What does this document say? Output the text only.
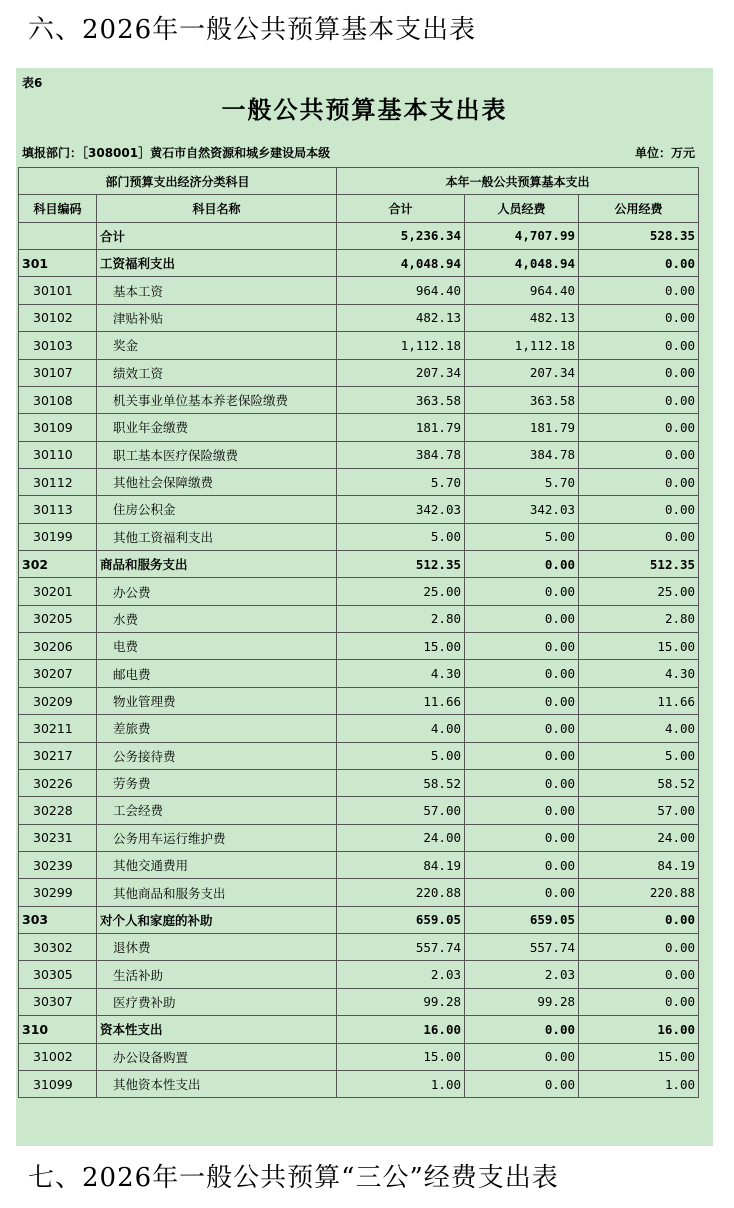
六、2026年一般公共预算基本支出表
表6
一般公共预算基本支出表
填报部门：［308001］黄石市自然资源和城乡建设局本级	单位：万元
部门预算支出经济分类科目		本年一般公共预算基本支出		
科目编码	科目名称	合计	人员经费	公用经费
	合计	5,236.34	4,707.99	528.35
301	工资福利支出	4,048.94	4,048.94	0.00
30101	基本工资	964.40	964.40	0.00
30102	津贴补贴	482.13	482.13	0.00
30103	奖金	1,112.18	1,112.18	0.00
30107	绩效工资	207.34	207.34	0.00
30108	机关事业单位基本养老保险缴费	363.58	363.58	0.00
30109	职业年金缴费	181.79	181.79	0.00
30110	职工基本医疗保险缴费	384.78	384.78	0.00
30112	其他社会保障缴费	5.70	5.70	0.00
30113	住房公积金	342.03	342.03	0.00
30199	其他工资福利支出	5.00	5.00	0.00
302	商品和服务支出	512.35	0.00	512.35
30201	办公费	25.00	0.00	25.00
30205	水费	2.80	0.00	2.80
30206	电费	15.00	0.00	15.00
30207	邮电费	4.30	0.00	4.30
30209	物业管理费	11.66	0.00	11.66
30211	差旅费	4.00	0.00	4.00
30217	公务接待费	5.00	0.00	5.00
30226	劳务费	58.52	0.00	58.52
30228	工会经费	57.00	0.00	57.00
30231	公务用车运行维护费	24.00	0.00	24.00
30239	其他交通费用	84.19	0.00	84.19
30299	其他商品和服务支出	220.88	0.00	220.88
303	对个人和家庭的补助	659.05	659.05	0.00
30302	退休费	557.74	557.74	0.00
30305	生活补助	2.03	2.03	0.00
30307	医疗费补助	99.28	99.28	0.00
310	资本性支出	16.00	0.00	16.00
31002	办公设备购置	15.00	0.00	15.00
31099	其他资本性支出	1.00	0.00	1.00
七、2026年一般公共预算“三公”经费支出表
